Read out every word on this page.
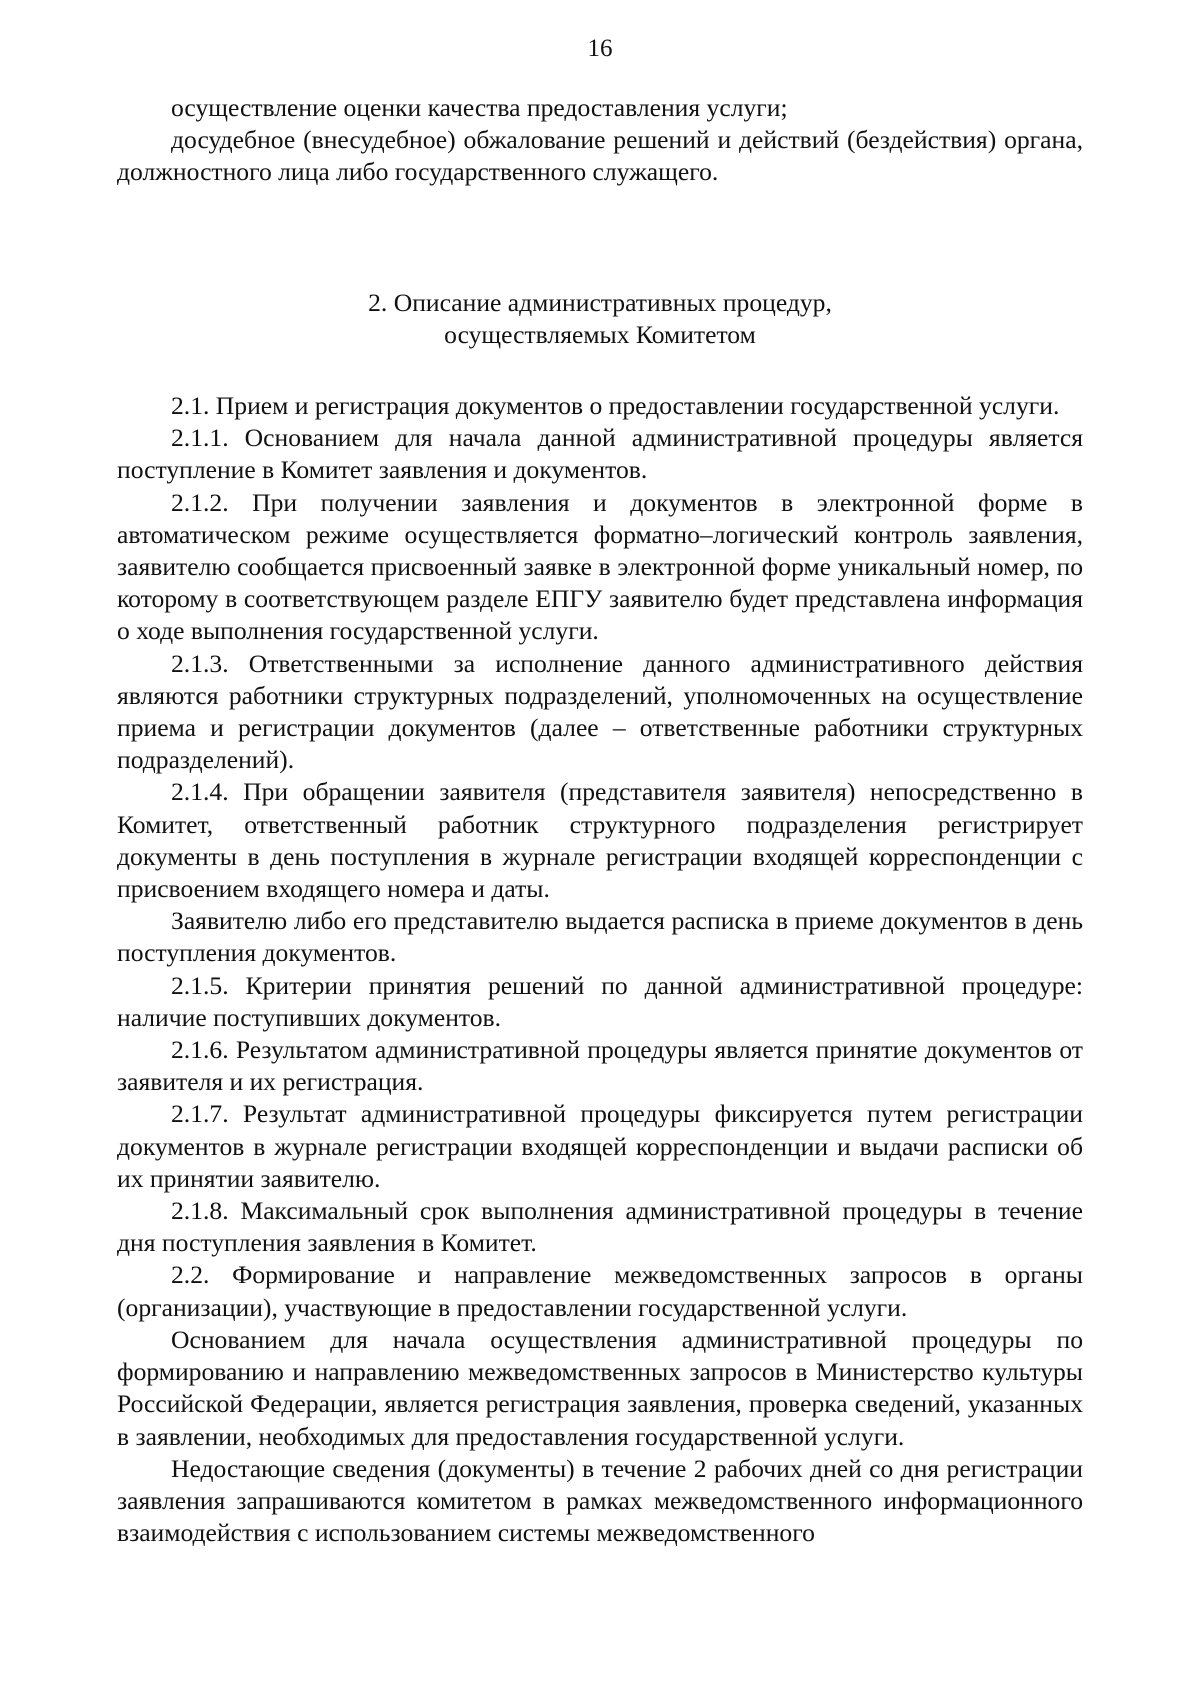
16

осуществление оценки качества предоставления услуги;

досудебное (внесудебное) обжалование решений и действий (бездействия) органа, должностного лица либо государственного служащего.

2. Описание административных процедур,
осуществляемых Комитетом

2.1. Прием и регистрация документов о предоставлении государственной услуги.

2.1.1. Основанием для начала данной административной процедуры является поступление в Комитет заявления и документов.

2.1.2. При получении заявления и документов в электронной форме в автоматическом режиме осуществляется форматно–логический контроль заявления, заявителю сообщается присвоенный заявке в электронной форме уникальный номер, по которому в соответствующем разделе ЕПГУ заявителю будет представлена информация о ходе выполнения государственной услуги.

2.1.3. Ответственными за исполнение данного административного действия являются работники структурных подразделений, уполномоченных на осуществление приема и регистрации документов (далее – ответственные работники структурных подразделений).

2.1.4. При обращении заявителя (представителя заявителя) непосредственно в Комитет, ответственный работник структурного подразделения регистрирует документы в день поступления в журнале регистрации входящей корреспонденции с присвоением входящего номера и даты.

Заявителю либо его представителю выдается расписка в приеме документов в день поступления документов.

2.1.5. Критерии принятия решений по данной административной процедуре: наличие поступивших документов.

2.1.6. Результатом административной процедуры является принятие документов от заявителя и их регистрация.

2.1.7. Результат административной процедуры фиксируется путем регистрации документов в журнале регистрации входящей корреспонденции и выдачи расписки об их принятии заявителю.

2.1.8. Максимальный срок выполнения административной процедуры в течение дня поступления заявления в Комитет.

2.2. Формирование и направление межведомственных запросов в органы (организации), участвующие в предоставлении государственной услуги.

Основанием для начала осуществления административной процедуры по формированию и направлению межведомственных запросов в Министерство культуры Российской Федерации, является регистрация заявления, проверка сведений, указанных в заявлении, необходимых для предоставления государственной услуги.

Недостающие сведения (документы) в течение 2 рабочих дней со дня регистрации заявления запрашиваются комитетом в рамках межведомственного информационного взаимодействия с использованием системы межведомственного
